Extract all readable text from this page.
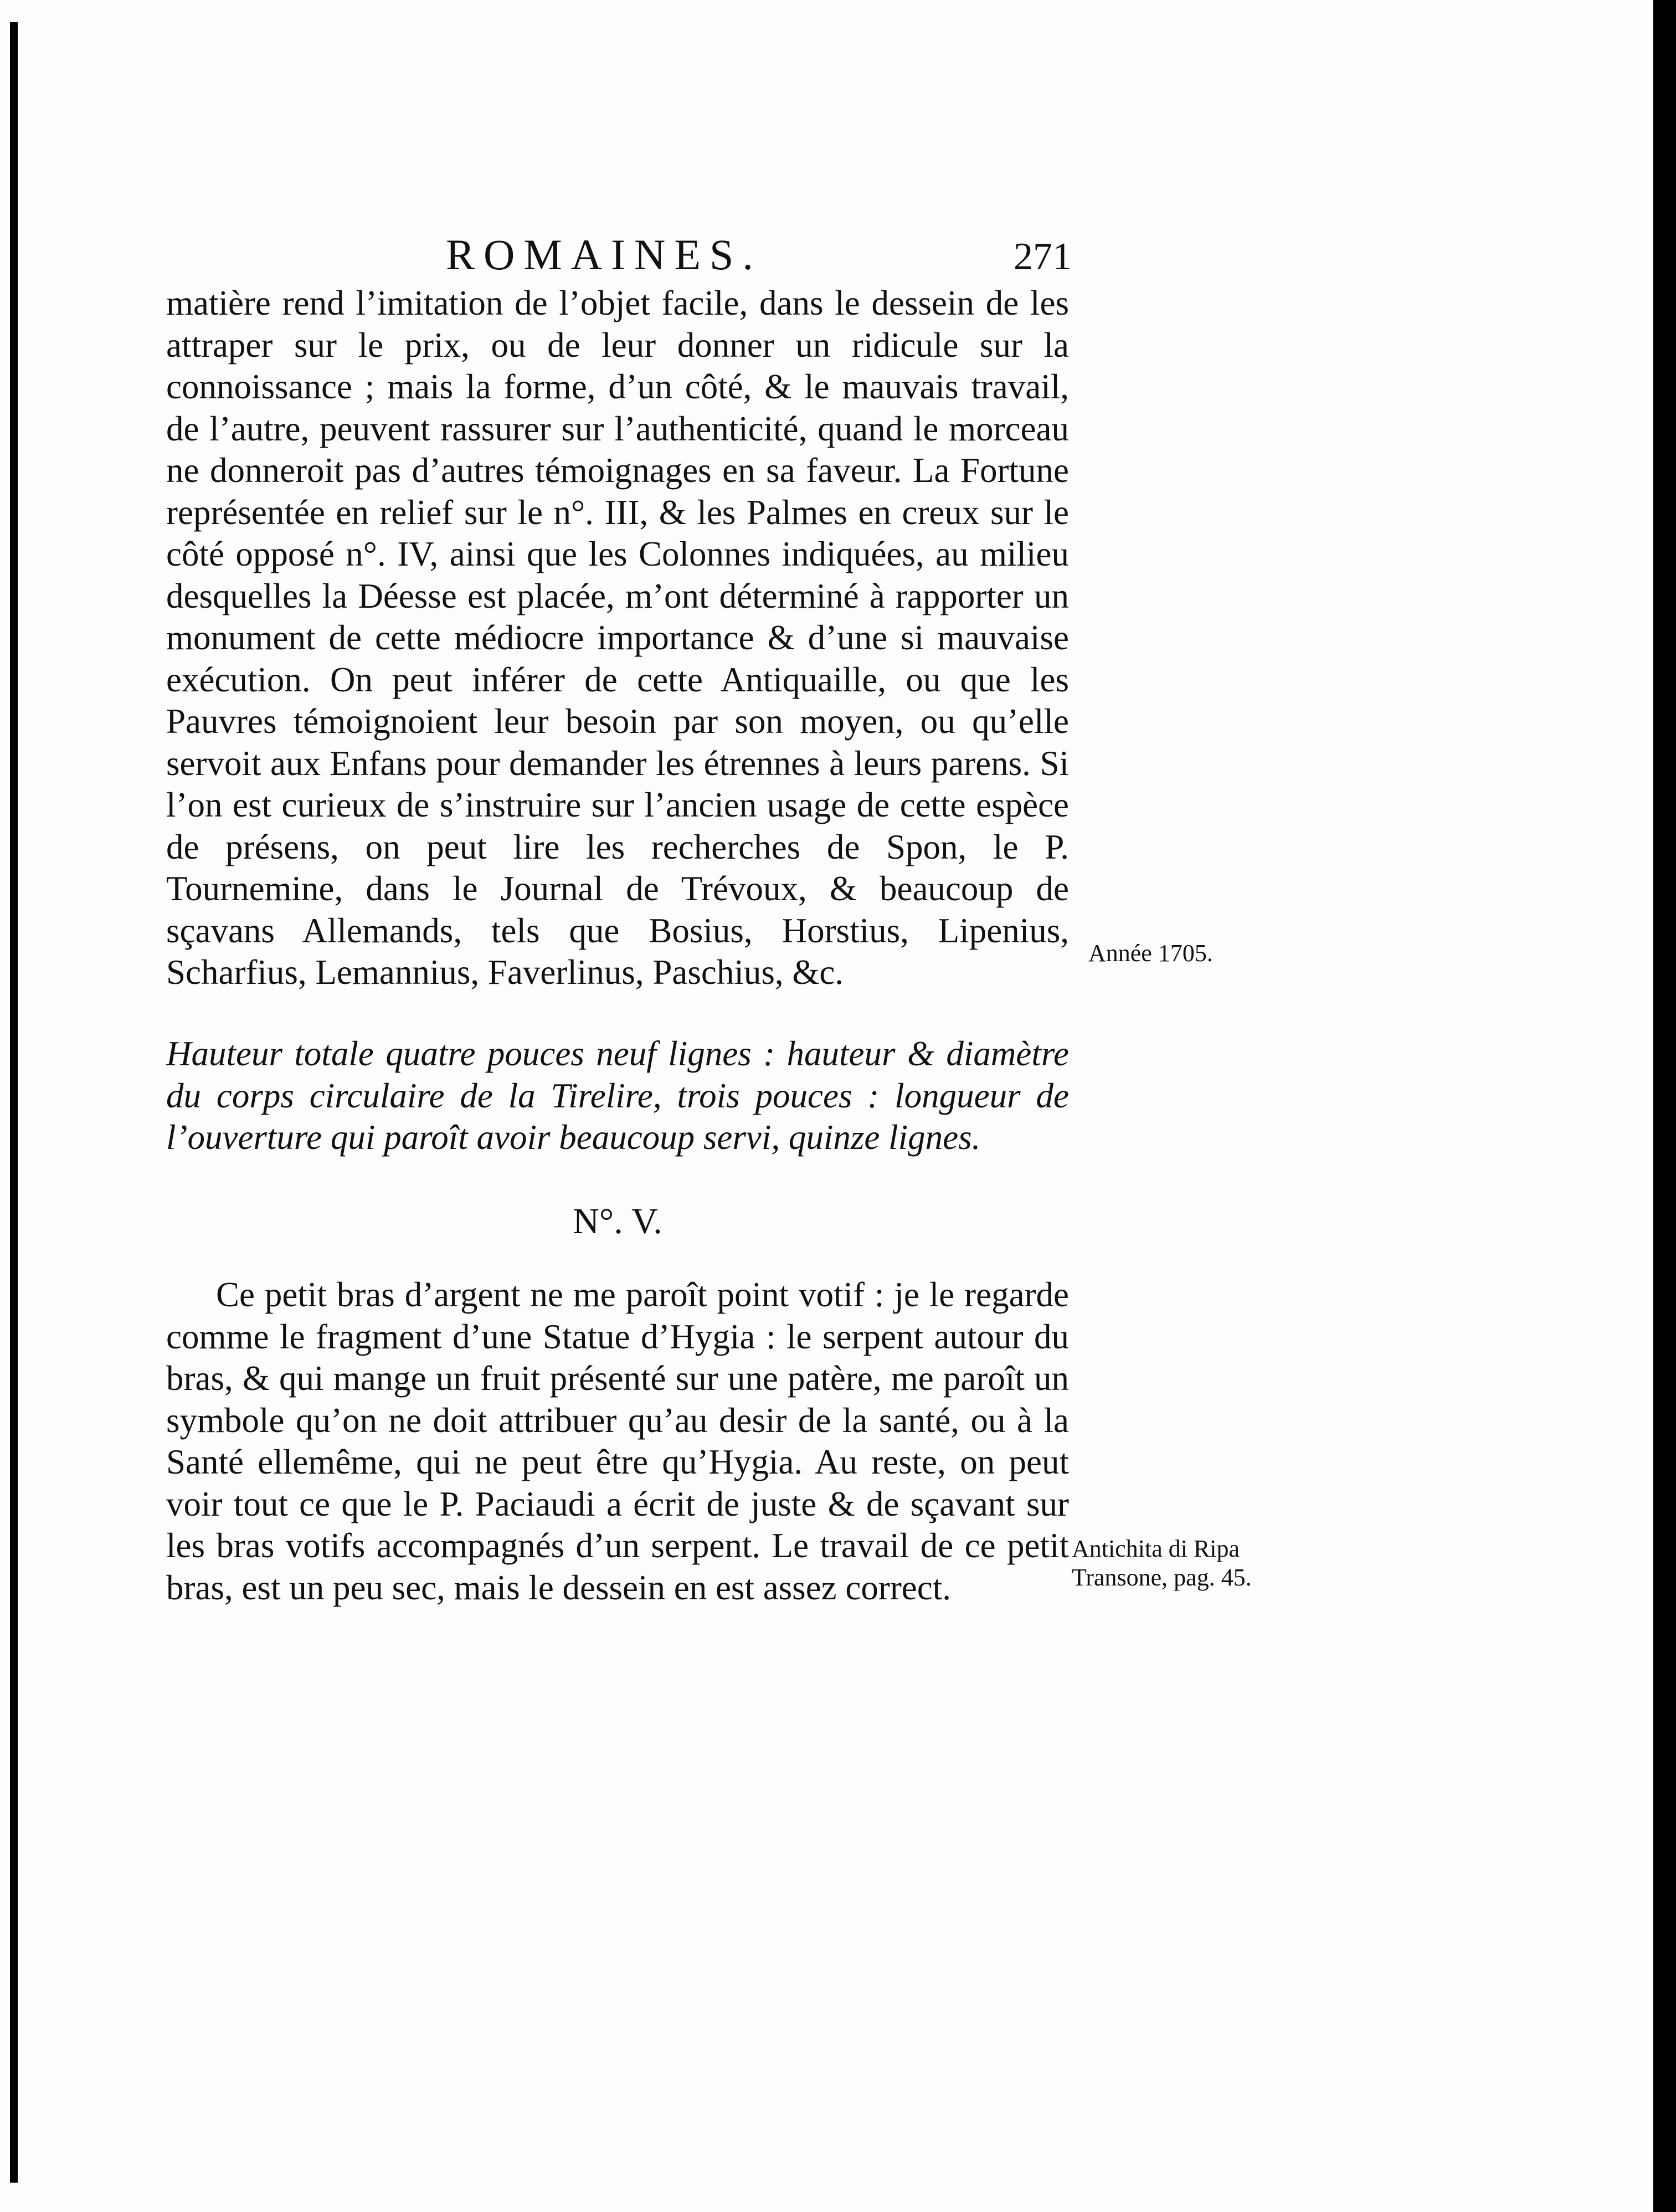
ROMAINES.	271

matière rend l’imitation de l’objet facile, dans le dessein de les attraper sur le prix, ou de leur donner un ridicule sur la connoissance ; mais la forme, d’un côté, & le mauvais travail, de l’autre, peuvent rassurer sur l’authenticité, quand le morceau ne donneroit pas d’autres témoignages en sa faveur. La Fortune représentée en relief sur le n°. III, & les Palmes en creux sur le côté opposé n°. IV, ainsi que les Colonnes indiquées, au milieu desquelles la Déesse est placée, m’ont déterminé à rapporter un monument de cette médiocre importance & d’une si mauvaise exécution. On peut inférer de cette Antiquaille, ou que les Pauvres témoignoient leur besoin par son moyen, ou qu’elle servoit aux Enfans pour demander les étrennes à leurs parens. Si l’on est curieux de s’instruire sur l’ancien usage de cette espèce de présens, on peut lire les recherches de Spon, le P. Tournemine, dans le Journal de Trévoux, & beaucoup de sçavans Allemands, tels que Bosius, Horstius, Lipenius, Scharfius, Lemannius, Faverlinus, Paschius, &c.

Hauteur totale quatre pouces neuf lignes : hauteur & diamètre du corps circulaire de la Tirelire, trois pouces : longueur de l’ouverture qui paroît avoir beaucoup servi, quinze lignes.

N°. V.

Ce petit bras d’argent ne me paroît point votif : je le regarde comme le fragment d’une Statue d’Hygia : le serpent autour du bras, & qui mange un fruit présenté sur une patère, me paroît un symbole qu’on ne doit attribuer qu’au desir de la santé, ou à la Santé ellemême, qui ne peut être qu’Hygia. Au reste, on peut voir tout ce que le P. Paciaudi a écrit de juste & de sçavant sur les bras votifs accompagnés d’un serpent. Le travail de ce petit bras, est un peu sec, mais le dessein en est assez correct.

Année 1705.
Antichita di Ripa Transone, pag. 45.
